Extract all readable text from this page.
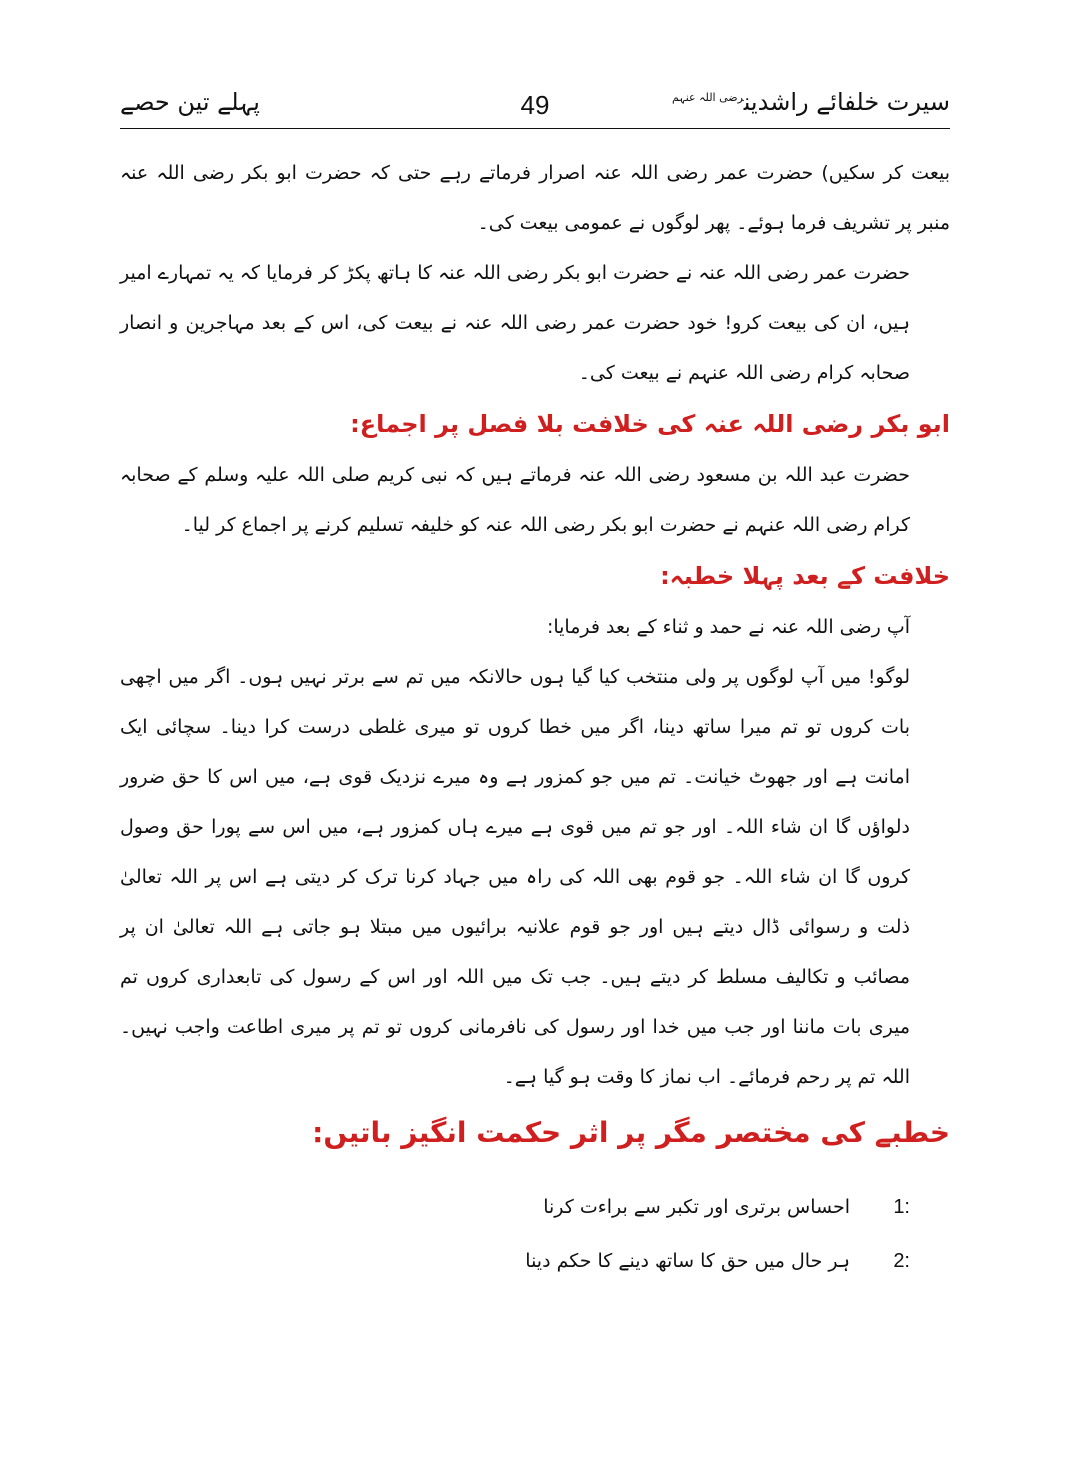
سیرت خلفائے راشدین$^{رضی اللہ عنہم}$
49
پہلے تین حصے

بیعت کر سکیں) حضرت عمر رضی اللہ عنہ اصرار فرماتے رہے حتی کہ حضرت ابو بکر رضی اللہ عنہ منبر پر تشریف فرما ہوئے۔ پھر لوگوں نے عمومی بیعت کی۔

حضرت عمر رضی اللہ عنہ نے حضرت ابو بکر رضی اللہ عنہ کا ہاتھ پکڑ کر فرمایا کہ یہ تمہارے امیر ہیں، ان کی بیعت کرو! خود حضرت عمر رضی اللہ عنہ نے بیعت کی، اس کے بعد مہاجرین و انصار صحابہ کرام رضی اللہ عنہم نے بیعت کی۔

ابو بکر رضی اللہ عنہ کی خلافت بلا فصل پر اجماع:

حضرت عبد اللہ بن مسعود رضی اللہ عنہ فرماتے ہیں کہ نبی کریم صلی اللہ علیہ وسلم کے صحابہ کرام رضی اللہ عنہم نے حضرت ابو بکر رضی اللہ عنہ کو خلیفہ تسلیم کرنے پر اجماع کر لیا۔

خلافت کے بعد پہلا خطبہ:

آپ رضی اللہ عنہ نے حمد و ثناء کے بعد فرمایا:

لوگو! میں آپ لوگوں پر ولی منتخب کیا گیا ہوں حالانکہ میں تم سے برتر نہیں ہوں۔ اگر میں اچھی بات کروں تو تم میرا ساتھ دینا، اگر میں خطا کروں تو میری غلطی درست کرا دینا۔ سچائی ایک امانت ہے اور جھوٹ خیانت۔ تم میں جو کمزور ہے وہ میرے نزدیک قوی ہے، میں اس کا حق ضرور دلواؤں گا ان شاء اللہ۔ اور جو تم میں قوی ہے میرے ہاں کمزور ہے، میں اس سے پورا حق وصول کروں گا ان شاء اللہ۔ جو قوم بھی اللہ کی راہ میں جہاد کرنا ترک کر دیتی ہے اس پر اللہ تعالیٰ ذلت و رسوائی ڈال دیتے ہیں اور جو قوم علانیہ برائیوں میں مبتلا ہو جاتی ہے اللہ تعالیٰ ان پر مصائب و تکالیف مسلط کر دیتے ہیں۔ جب تک میں اللہ اور اس کے رسول کی تابعداری کروں تم میری بات ماننا اور جب میں خدا اور رسول کی نافرمانی کروں تو تم پر میری اطاعت واجب نہیں۔ اللہ تم پر رحم فرمائے۔ اب نماز کا وقت ہو گیا ہے۔

خطبے کی مختصر مگر پر اثر حکمت انگیز باتیں:

1:
احساس برتری اور تکبر سے براءت کرنا
2:
ہر حال میں حق کا ساتھ دینے کا حکم دینا
